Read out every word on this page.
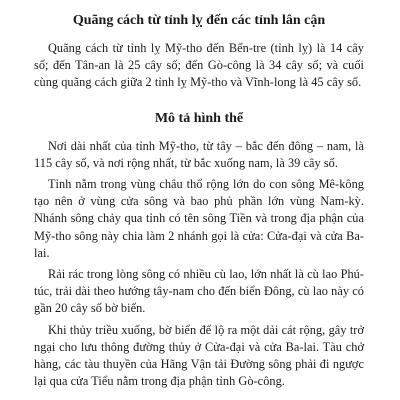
Quãng cách từ tỉnh lỵ đến các tỉnh lân cận

Quãng cách từ tỉnh lỵ Mỹ-tho đến Bến-tre (tỉnh lỵ) là 14 cây số; đến Tân-an là 25 cây số; đến Gò-công là 34 cây số; và cuối cùng quãng cách giữa 2 tỉnh lỵ Mỹ-tho và Vĩnh-long là 45 cây số.

Mô tả hình thể

Nơi dài nhất của tỉnh Mỹ-tho, từ tây – bắc đến đông – nam, là 115 cây số, và nơi rộng nhất, từ bắc xuống nam, là 39 cây số.

Tỉnh nằm trong vùng châu thổ rộng lớn do con sông Mê-kông tạo nên ở vùng cửa sông và bao phủ phần lớn vùng Nam-kỳ. Nhánh sông chảy qua tỉnh có tên sông Tiền và trong địa phận của Mỹ-tho sông này chia làm 2 nhánh gọi là cửa: Cửa-đại và cửa Ba-lai.

Rải rác trong lòng sông có nhiều cù lao, lớn nhất là cù lao Phú-túc, trải dài theo hướng tây-nam cho đến biển Đông, cù lao này có gần 20 cây số bờ biển.

Khi thủy triều xuống, bờ biển để lộ ra một dải cát rộng, gây trở ngại cho lưu thông đường thủy ở Cửa-đại và cửa Ba-lai. Tàu chở hàng, các tàu thuyền của Hãng Vận tải Đường sông phải đi ngược lại qua cửa Tiểu nằm trong địa phận tỉnh Gò-công.
